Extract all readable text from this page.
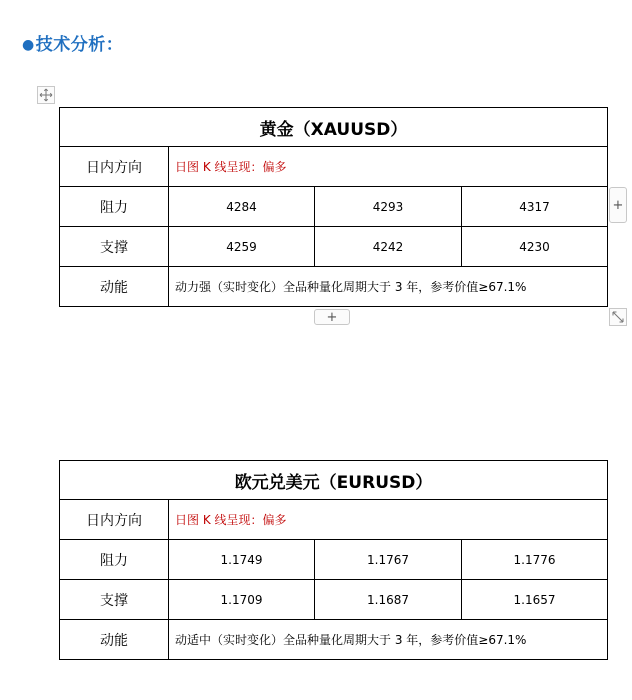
●技术分析：
黄金（XAUUSD）			
日内方向	日图 K 线呈现：偏多		
阻力	4284	4293	4317
支撑	4259	4242	4230
动能	动力强（实时变化）全品种量化周期大于 3 年，参考价值≥67.1%		
+
+
欧元兑美元（EURUSD）			
日内方向	日图 K 线呈现：偏多		
阻力	1.1749	1.1767	1.1776
支撑	1.1709	1.1687	1.1657
动能	动适中（实时变化）全品种量化周期大于 3 年，参考价值≥67.1%		
